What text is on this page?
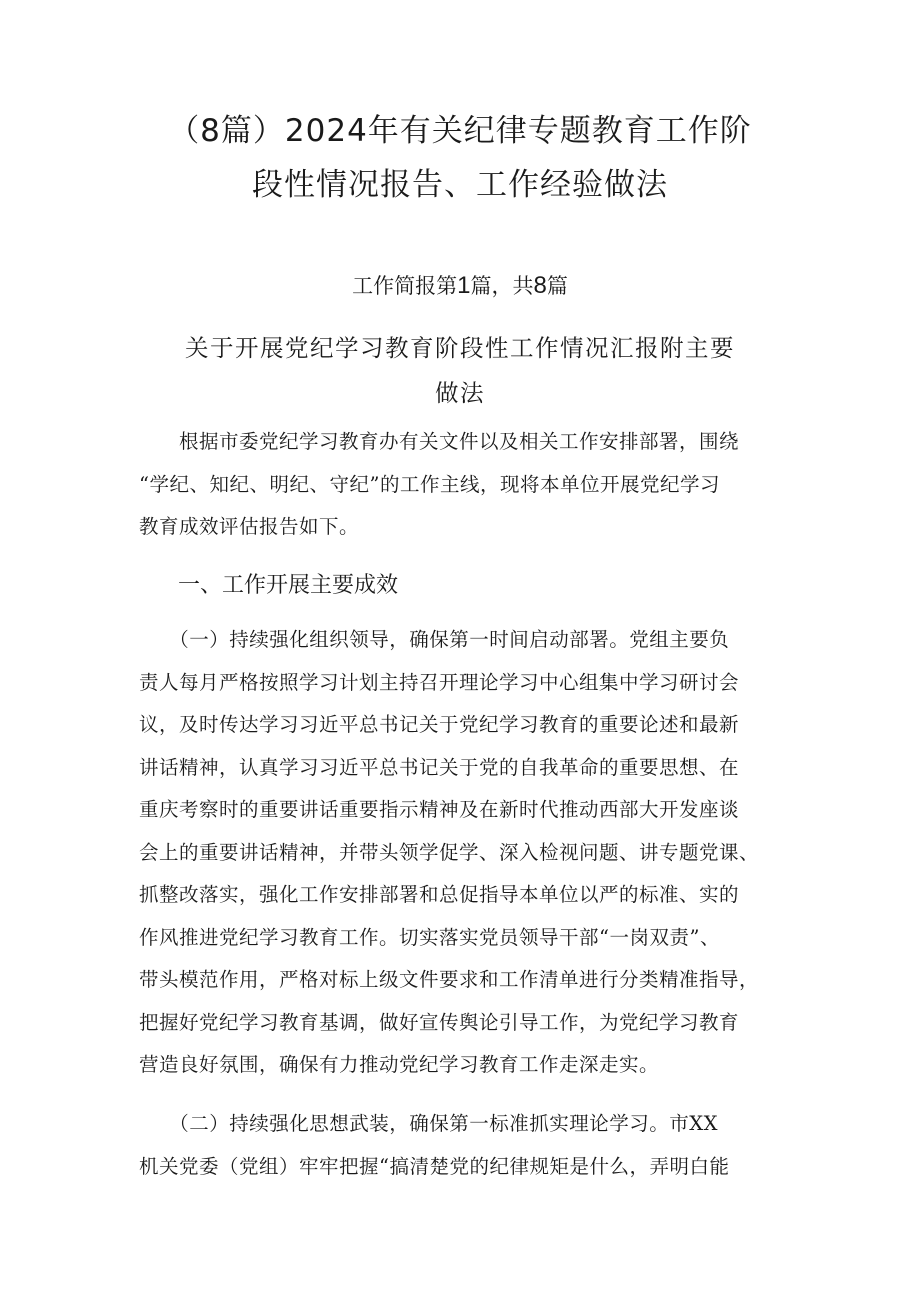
（8篇）2024年有关纪律专题教育工作阶
段性情况报告、工作经验做法
工作简报第1篇，共8篇
关于开展党纪学习教育阶段性工作情况汇报附主要
做法
　　根据市委党纪学习教育办有关文件以及相关工作安排部署，围绕
“学纪、知纪、明纪、守纪”的工作主线，现将本单位开展党纪学习
教育成效评估报告如下。
一、工作开展主要成效
　　（一）持续强化组织领导，确保第一时间启动部署。党组主要负
责人每月严格按照学习计划主持召开理论学习中心组集中学习研讨会
议，及时传达学习习近平总书记关于党纪学习教育的重要论述和最新
讲话精神，认真学习习近平总书记关于党的自我革命的重要思想、在
重庆考察时的重要讲话重要指示精神及在新时代推动西部大开发座谈
会上的重要讲话精神，并带头领学促学、深入检视问题、讲专题党课、
抓整改落实，强化工作安排部署和总促指导本单位以严的标准、实的
作风推进党纪学习教育工作。切实落实党员领导干部“一岗双责”、
带头模范作用，严格对标上级文件要求和工作清单进行分类精准指导，
把握好党纪学习教育基调，做好宣传舆论引导工作，为党纪学习教育
营造良好氛围，确保有力推动党纪学习教育工作走深走实。
　　（二）持续强化思想武装，确保第一标准抓实理论学习。市XX
机关党委（党组）牢牢把握“搞清楚党的纪律规矩是什么，弄明白能
